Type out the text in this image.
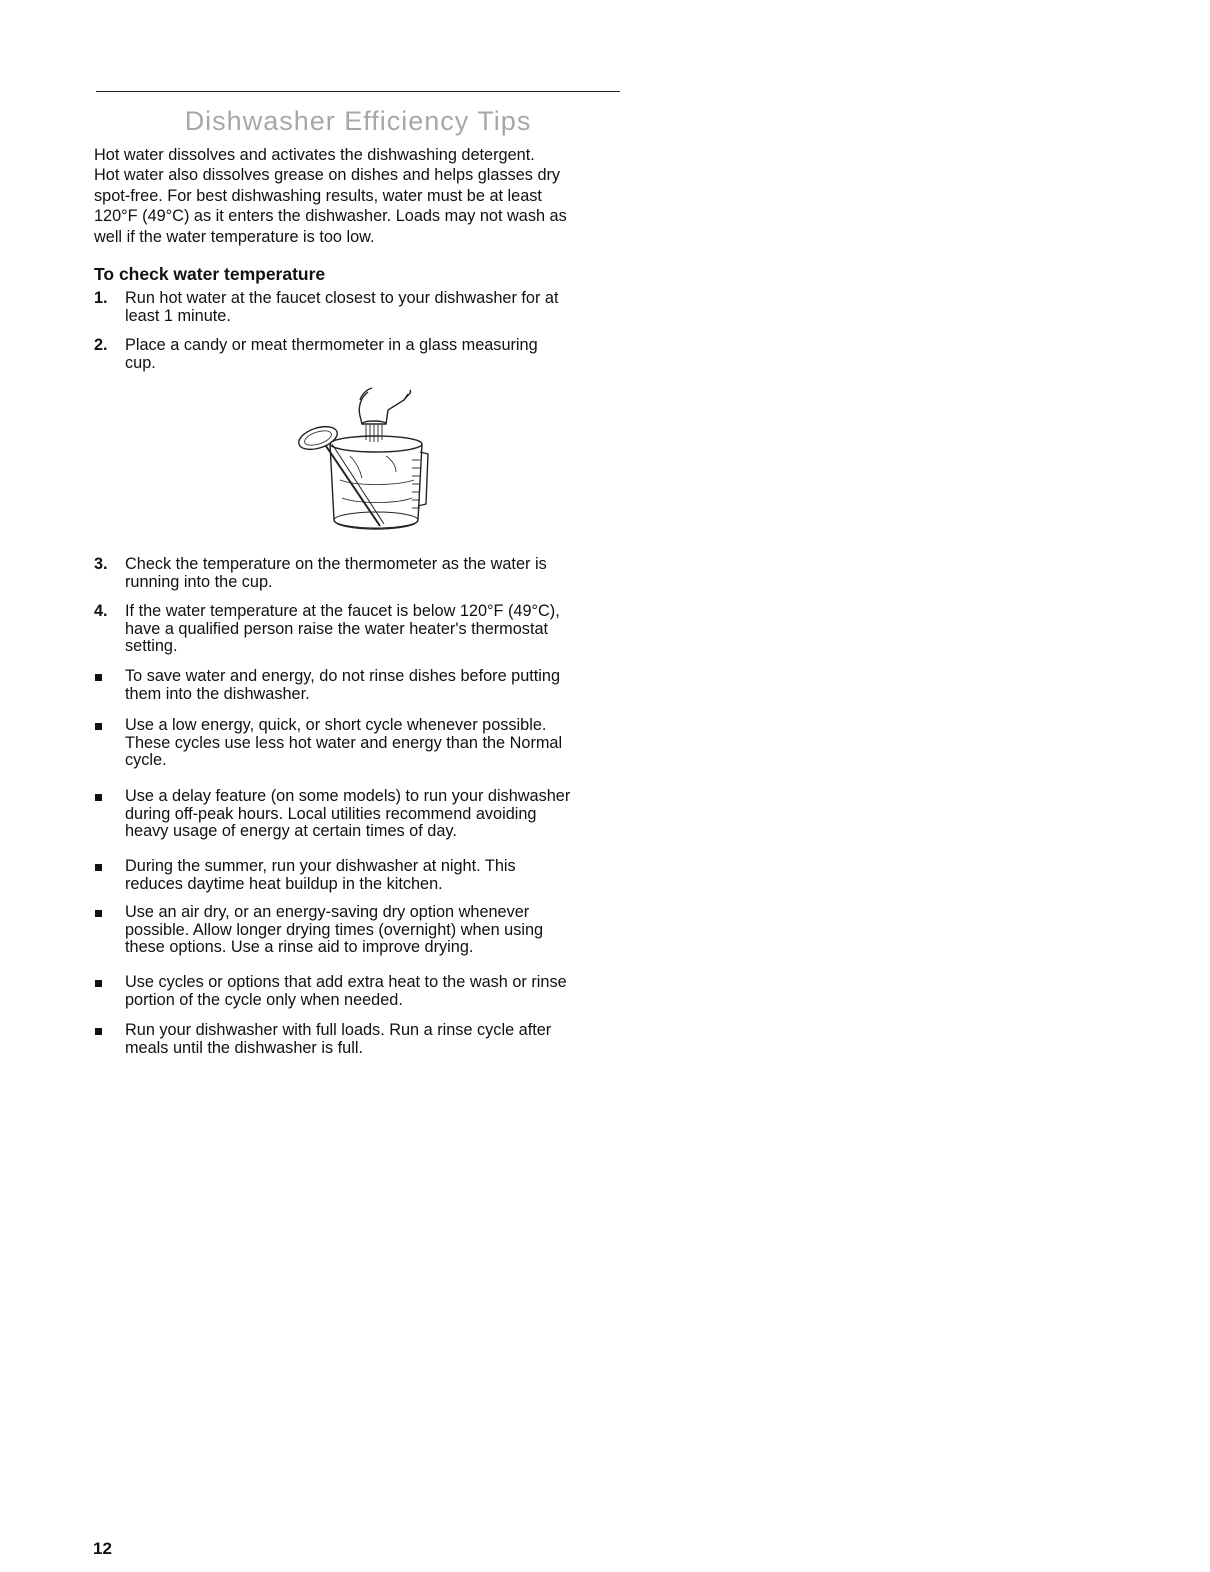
Dishwasher Efficiency Tips

Hot water dissolves and activates the dishwashing detergent.
Hot water also dissolves grease on dishes and helps glasses dry
spot-free. For best dishwashing results, water must be at least
120°F (49°C) as it enters the dishwasher. Loads may not wash as
well if the water temperature is too low.

To check water temperature
1.	Run hot water at the faucet closest to your dishwasher for at
least 1 minute.
2.	Place a candy or meat thermometer in a glass measuring
cup.
3.	Check the temperature on the thermometer as the water is
running into the cup.
4.	If the water temperature at the faucet is below 120°F (49°C),
have a qualified person raise the water heater's thermostat
setting.
To save water and energy, do not rinse dishes before putting
them into the dishwasher.
Use a low energy, quick, or short cycle whenever possible.
These cycles use less hot water and energy than the Normal
cycle.
Use a delay feature (on some models) to run your dishwasher
during off-peak hours. Local utilities recommend avoiding
heavy usage of energy at certain times of day.
During the summer, run your dishwasher at night. This
reduces daytime heat buildup in the kitchen.
Use an air dry, or an energy-saving dry option whenever
possible. Allow longer drying times (overnight) when using
these options. Use a rinse aid to improve drying.
Use cycles or options that add extra heat to the wash or rinse
portion of the cycle only when needed.
Run your dishwasher with full loads. Run a rinse cycle after
meals until the dishwasher is full.
12
